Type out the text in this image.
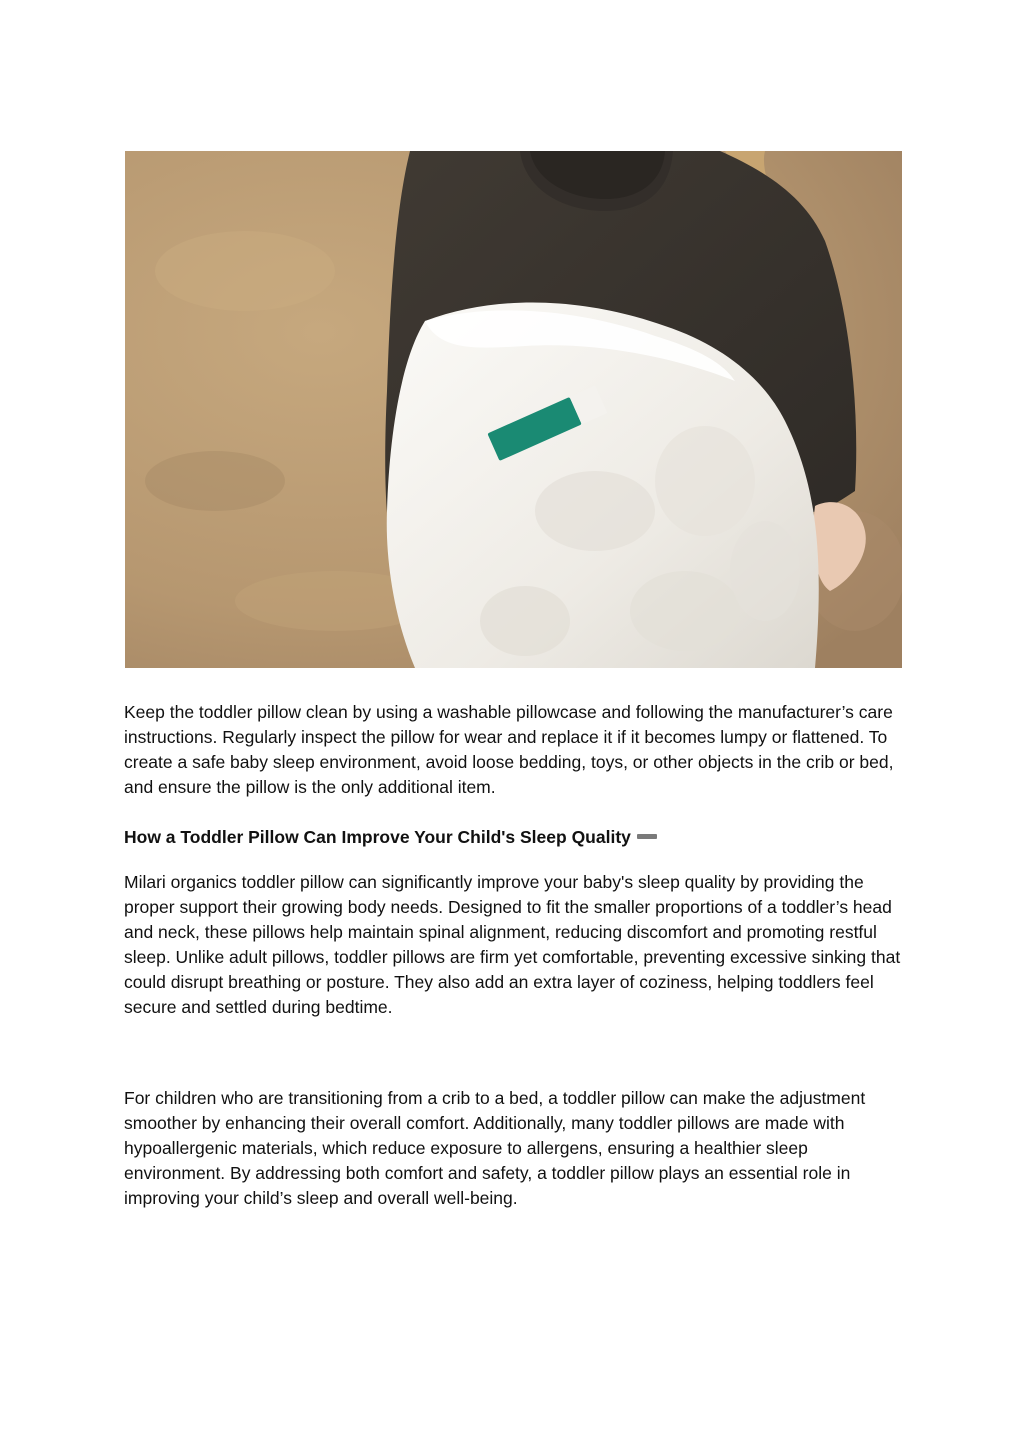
Keep the toddler pillow clean by using a washable pillowcase and following the manufacturer’s care instructions. Regularly inspect the pillow for wear and replace it if it becomes lumpy or flattened. To create a safe baby sleep environment, avoid loose bedding, toys, or other objects in the crib or bed, and ensure the pillow is the only additional item.

How a Toddler Pillow Can Improve Your Child's Sleep Quality

Milari organics toddler pillow can significantly improve your baby's sleep quality by providing the proper support their growing body needs. Designed to fit the smaller proportions of a toddler’s head and neck, these pillows help maintain spinal alignment, reducing discomfort and promoting restful sleep. Unlike adult pillows, toddler pillows are firm yet comfortable, preventing excessive sinking that could disrupt breathing or posture. They also add an extra layer of coziness, helping toddlers feel secure and settled during bedtime.

For children who are transitioning from a crib to a bed, a toddler pillow can make the adjustment smoother by enhancing their overall comfort. Additionally, many toddler pillows are made with hypoallergenic materials, which reduce exposure to allergens, ensuring a healthier sleep environment. By addressing both comfort and safety, a toddler pillow plays an essential role in improving your child’s sleep and overall well-being.
